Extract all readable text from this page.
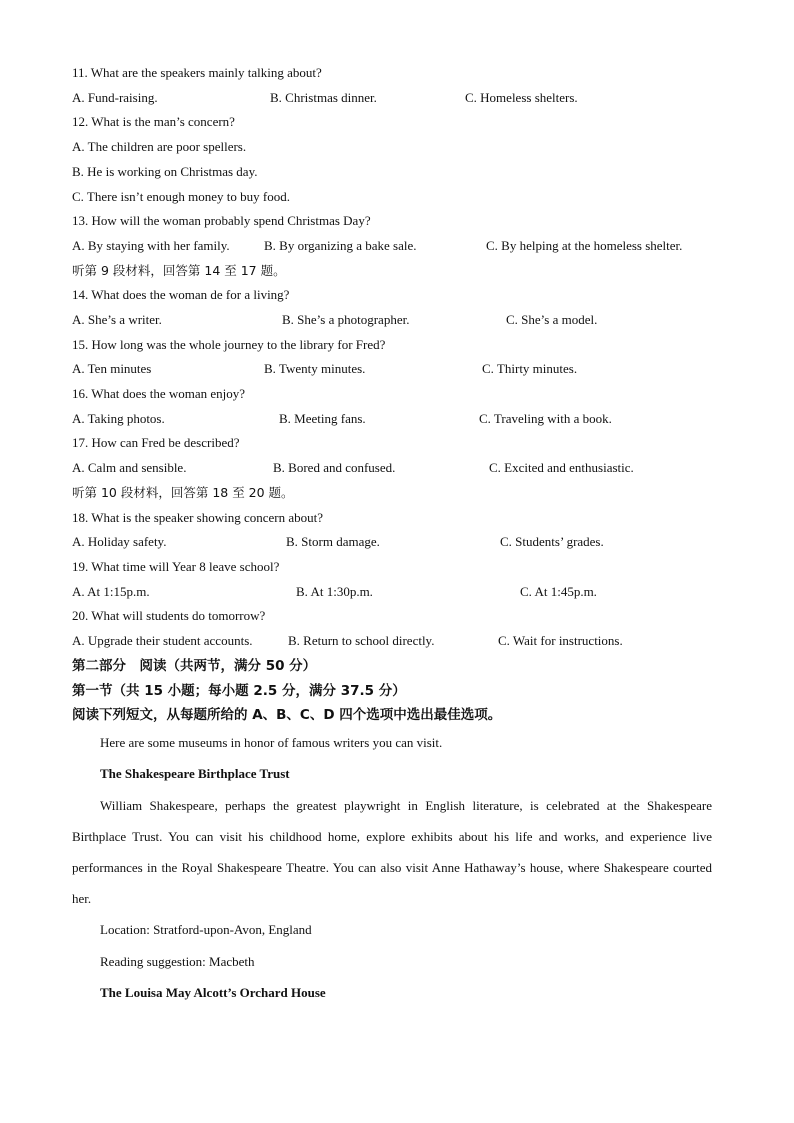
11. What are the speakers mainly talking about?
A. Fund-raising.	B. Christmas dinner.	C. Homeless shelters.
12. What is the man’s concern?
A. The children are poor spellers.
B. He is working on Christmas day.
C. There isn’t enough money to buy food.
13. How will the woman probably spend Christmas Day?
A. By staying with her family.	B. By organizing a bake sale.	C. By helping at the homeless shelter.
听第 9 段材料，回答第 14 至 17 题。
14. What does the woman de for a living?
A. She’s a writer.	B. She’s a photographer.	C. She’s a model.
15. How long was the whole journey to the library for Fred?
A. Ten minutes	B. Twenty minutes.	C. Thirty minutes.
16. What does the woman enjoy?
A. Taking photos.	B. Meeting fans.	C. Traveling with a book.
17. How can Fred be described?
A. Calm and sensible.	B. Bored and confused.	C. Excited and enthusiastic.
听第 10 段材料，回答第 18 至 20 题。
18. What is the speaker showing concern about?
A. Holiday safety.	B. Storm damage.	C. Students’ grades.
19. What time will Year 8 leave school?
A. At 1:15p.m.	B. At 1:30p.m.	C. At 1:45p.m.
20. What will students do tomorrow?
A. Upgrade their student accounts.	B. Return to school directly.	C. Wait for instructions.
第二部分　阅读（共两节，满分 50 分）
第一节（共 15 小题；每小题 2.5 分，满分 37.5 分）
阅读下列短文，从每题所给的 A、B、C、D 四个选项中选出最佳选项。
Here are some museums in honor of famous writers you can visit.
The Shakespeare Birthplace Trust
William Shakespeare, perhaps the greatest playwright in English literature, is celebrated at the Shakespeare Birthplace Trust. You can visit his childhood home, explore exhibits about his life and works, and experience live performances in the Royal Shakespeare Theatre. You can also visit Anne Hathaway’s house, where Shakespeare courted her.
Location: Stratford-upon-Avon, England
Reading suggestion: Macbeth
The Louisa May Alcott’s Orchard House
